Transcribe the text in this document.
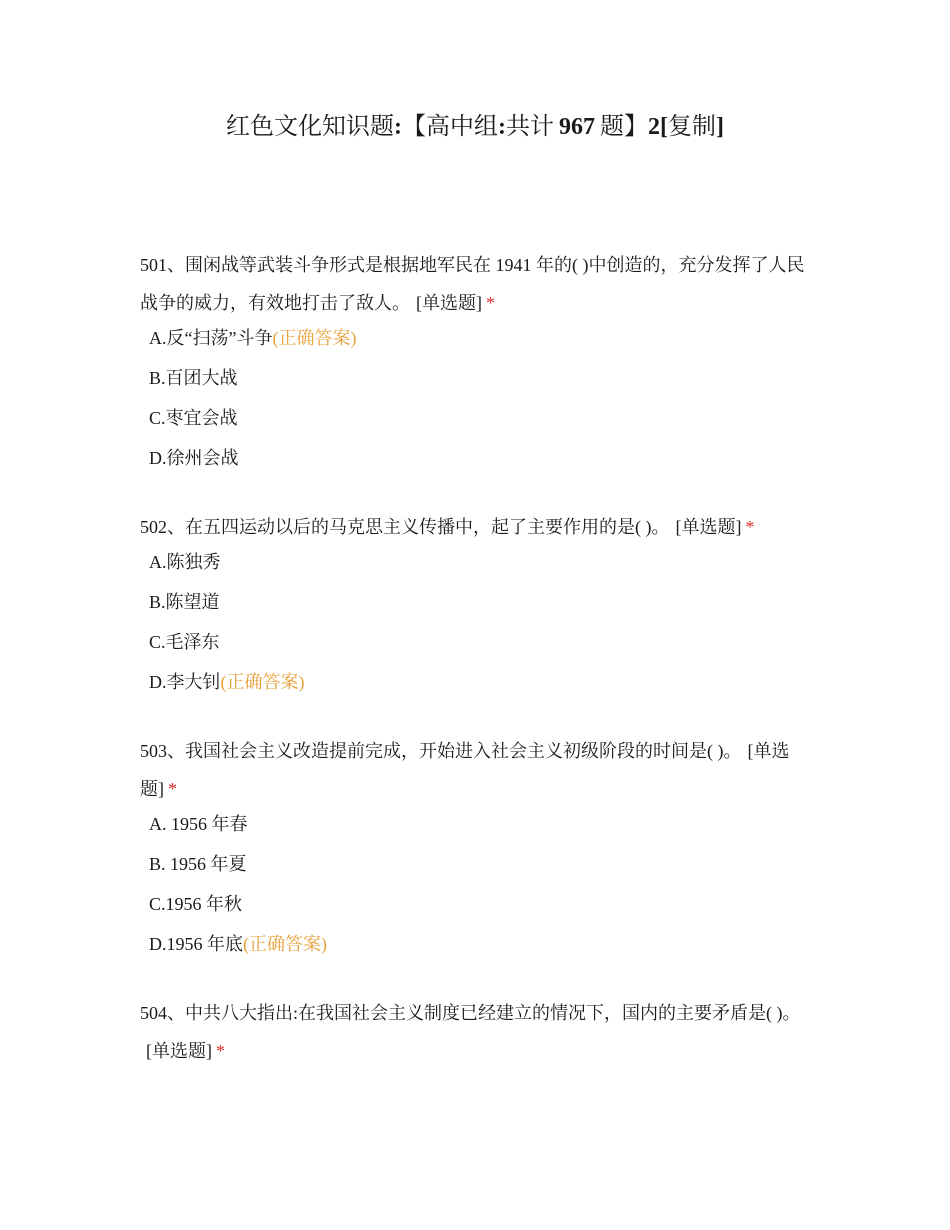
红色文化知识题:【高中组:共计 967 题】2[复制]

501、围闲战等武装斗争形式是根据地军民在 1941 年的( )中创造的，充分发挥了人民战争的威力，有效地打击了敌人。 [单选题] *

A.反“扫荡”斗争(正确答案)
B.百团大战
C.枣宜会战
D.徐州会战

502、在五四运动以后的马克思主义传播中，起了主要作用的是( )。 [单选题] *

A.陈独秀
B.陈望道
C.毛泽东
D.李大钊(正确答案)

503、我国社会主义改造提前完成，开始进入社会主义初级阶段的时间是( )。 [单选题] *

A. 1956 年春
B. 1956 年夏
C.1956 年秋
D.1956 年底(正确答案)

504、中共八大指出:在我国社会主义制度已经建立的情况下，国内的主要矛盾是( )。[单选题] *
